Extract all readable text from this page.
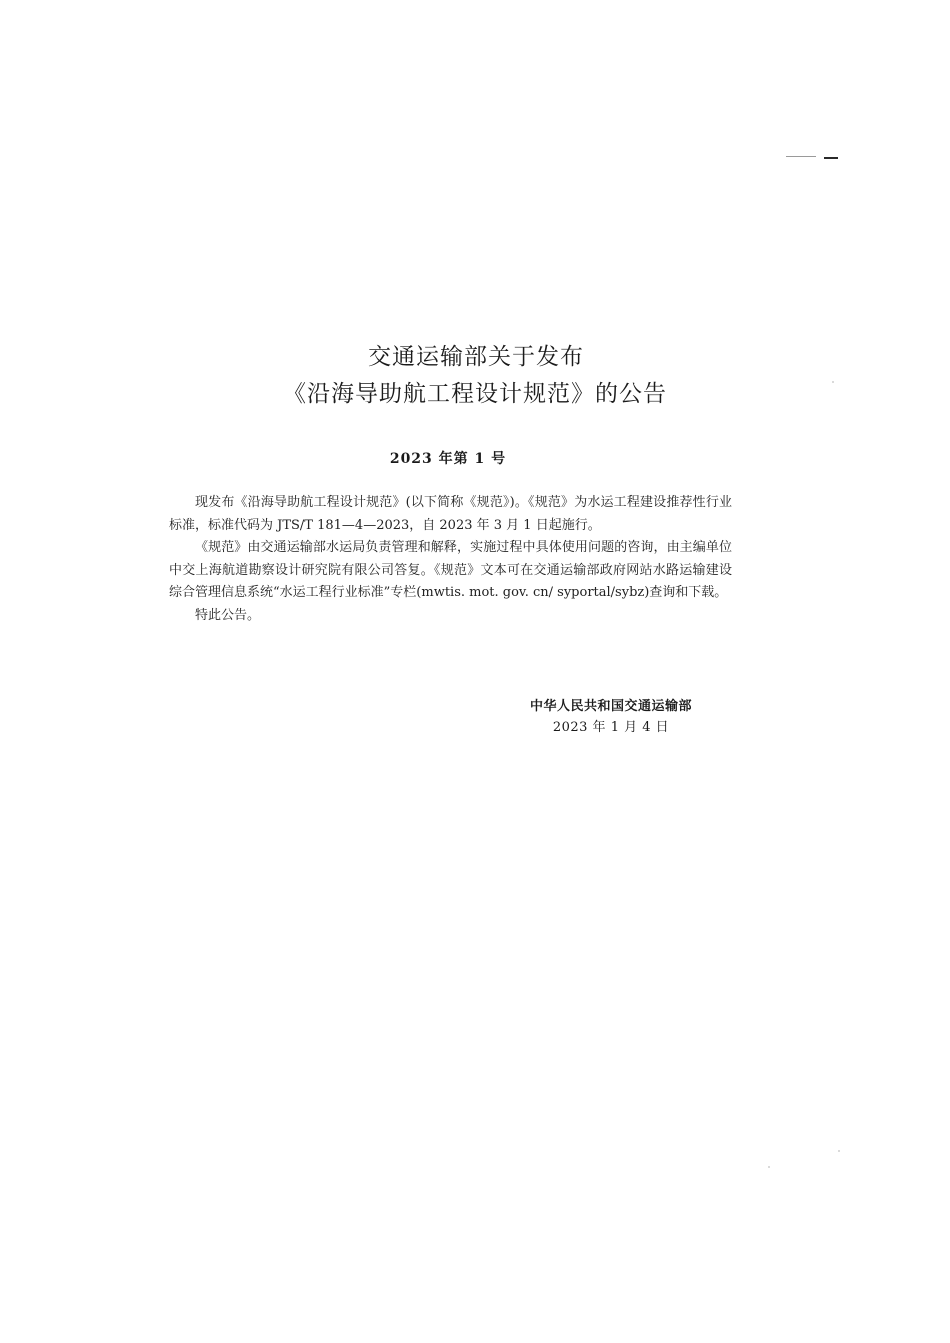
交通运输部关于发布
《沿海导助航工程设计规范》的公告
2023 年第 1 号

现发布《沿海导助航工程设计规范》(以下简称《规范》)。《规范》为水运工程建设推荐性行业标准，标准代码为 JTS/T 181—4—2023，自 2023 年 3 月 1 日起施行。

《规范》由交通运输部水运局负责管理和解释，实施过程中具体使用问题的咨询，由主编单位中交上海航道勘察设计研究院有限公司答复。《规范》文本可在交通运输部政府网站水路运输建设综合管理信息系统“水运工程行业标准”专栏(mwtis. mot. gov. cn/ syportal/sybz)查询和下载。

特此公告。

中华人民共和国交通运输部
2023 年 1 月 4 日
